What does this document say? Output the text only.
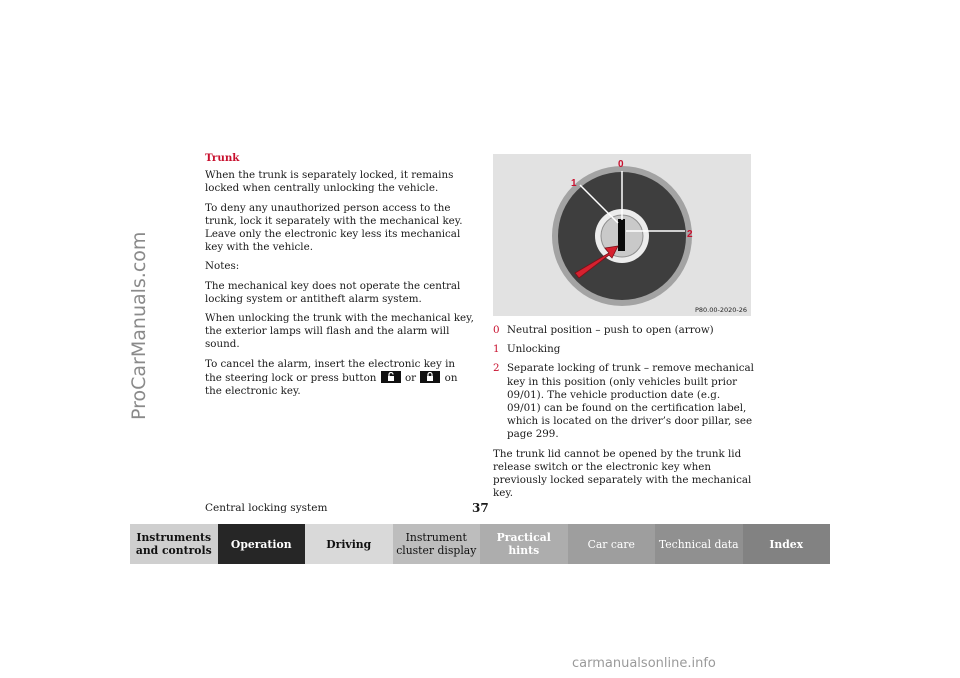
ProCarManuals.com

Trunk

When the trunk is separately locked, it remains locked when centrally unlocking the vehicle.

To deny any unauthorized person access to the trunk, lock it separately with the mechanical key. Leave only the electronic key less its mechanical key with the vehicle.

Notes:

The mechanical key does not operate the central locking system or antitheft alarm system.

When unlocking the trunk with the mechanical key, the exterior lamps will flash and the alarm will sound.

To cancel the alarm, insert the electronic key in the steering lock or press button	or	on the electronic key.

0
1
2
P80.00-2020-26
0 Neutral position – push to open (arrow)
1 Unlocking
2 Separate locking of trunk – remove mechanical key in this position (only vehicles built prior 09/01). The vehicle production date (e.g. 09/01) can be found on the certification label, which is located on the driver’s door pillar, see page 299.

The trunk lid cannot be opened by the trunk lid release switch or the electronic key when previously locked separately with the mechanical key.

Central locking system	37
Instruments and controls	Operation	Driving	Instrument cluster display
Practical hints	Car care	Technical data	Index
carmanualsonline.info
